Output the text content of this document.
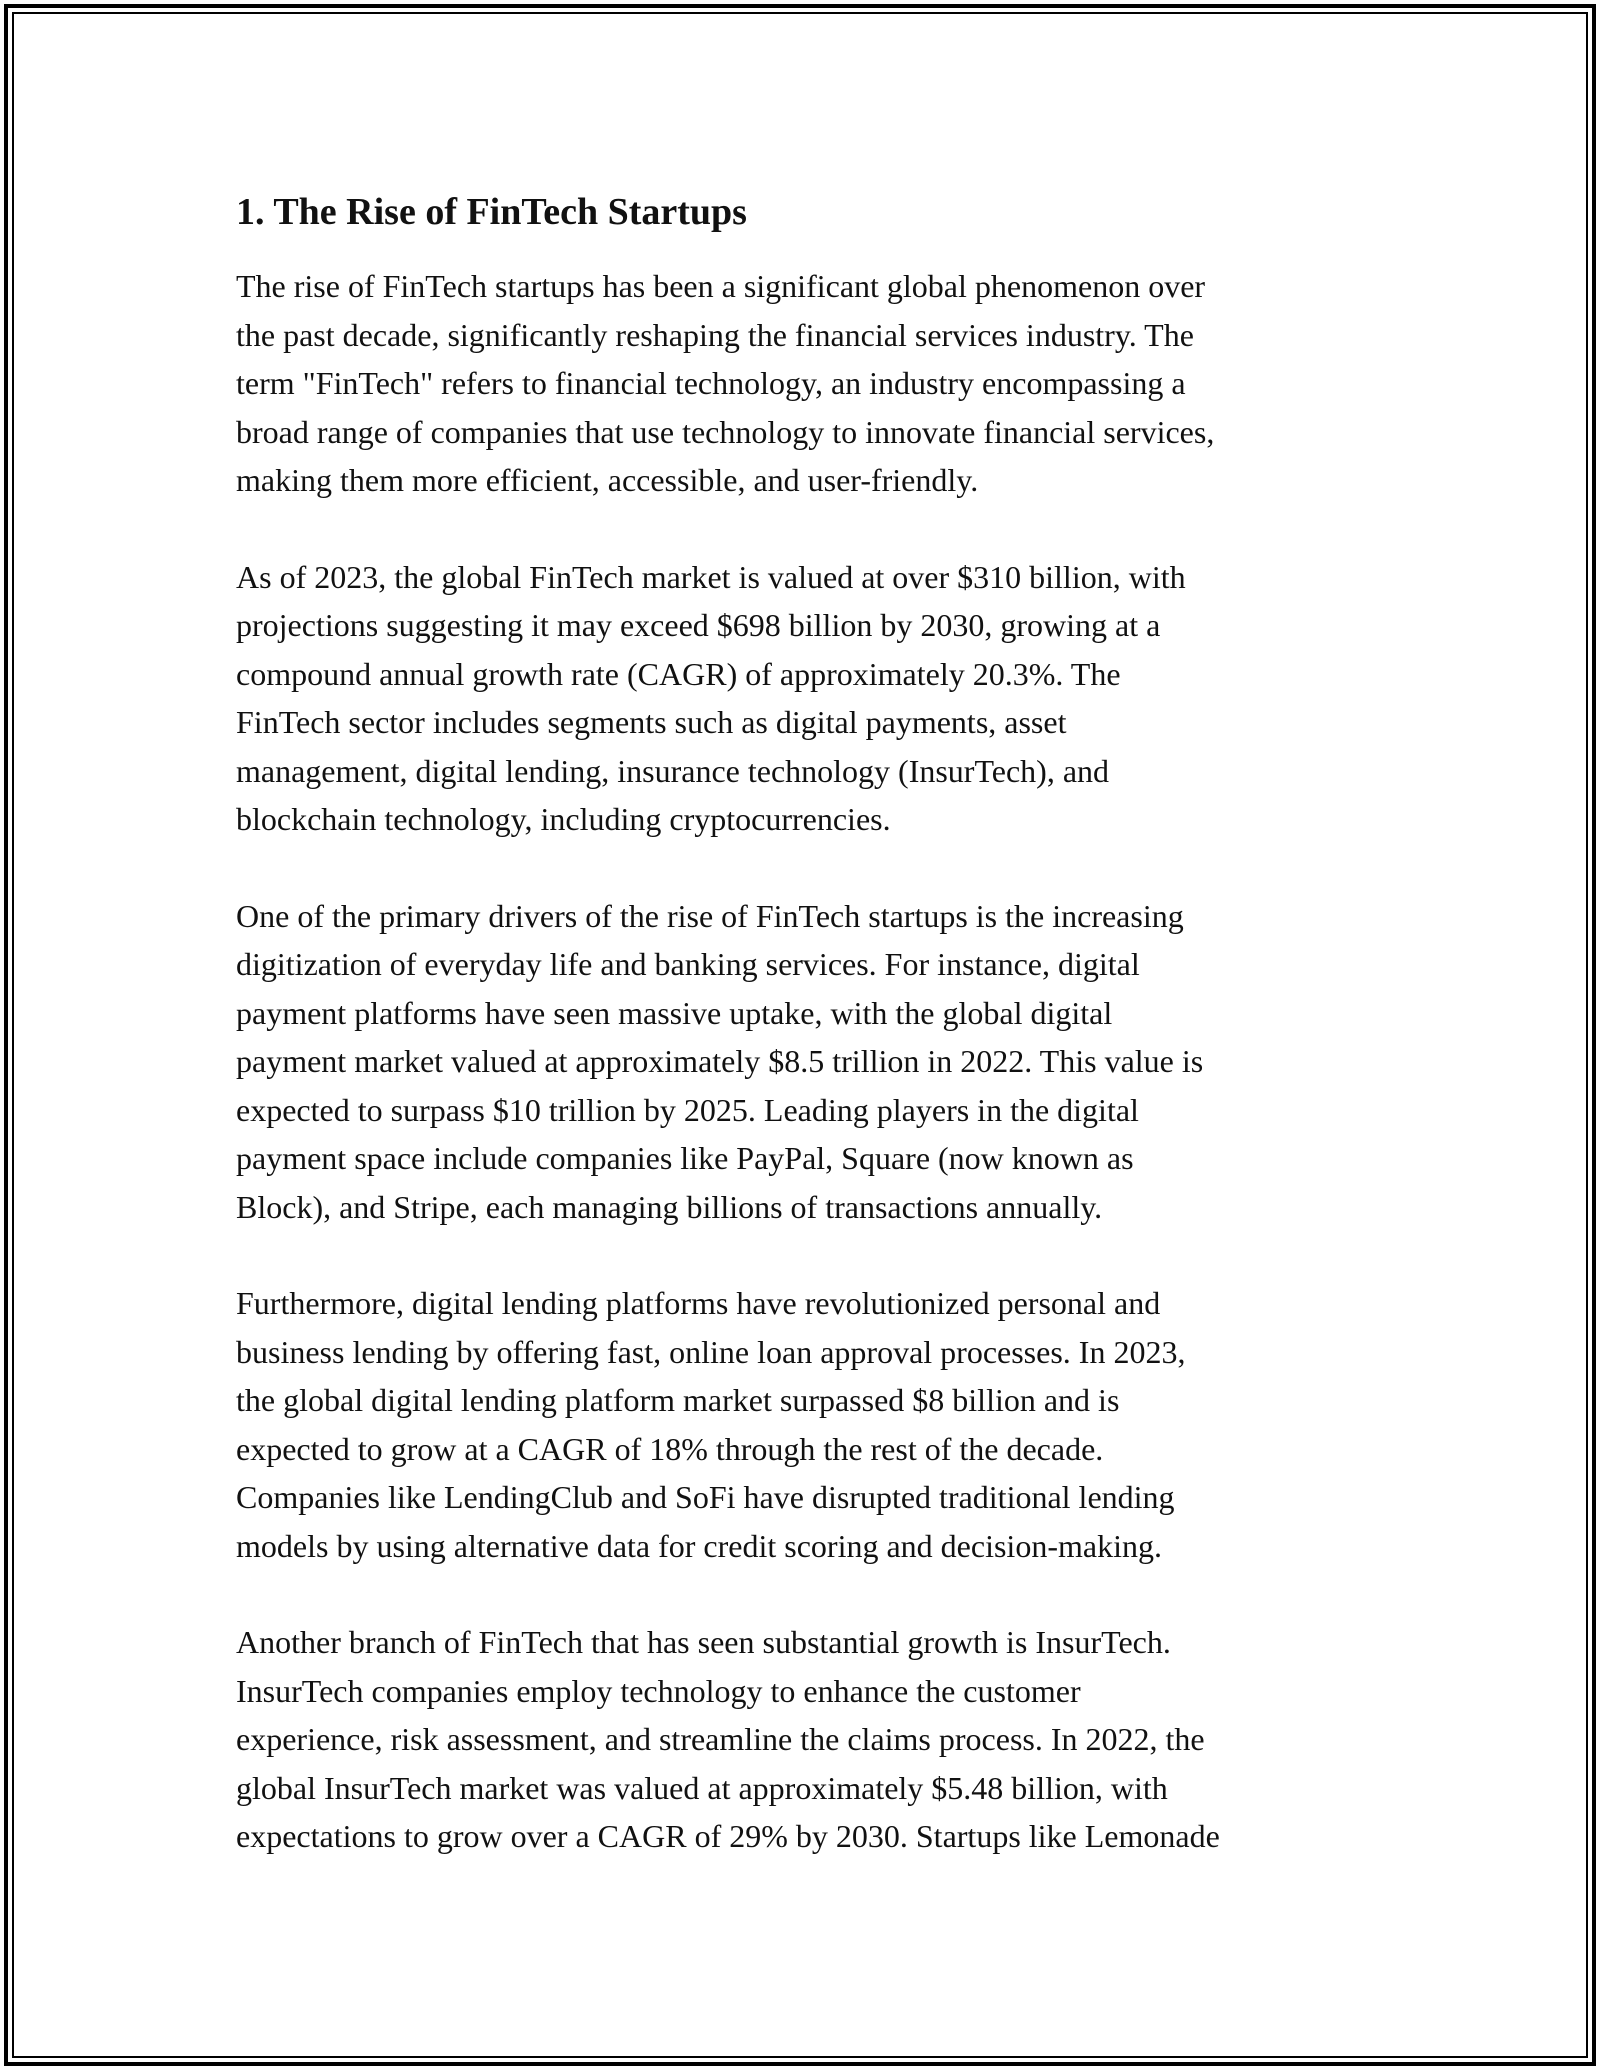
1. The Rise of FinTech Startups

The rise of FinTech startups has been a significant global phenomenon over
the past decade, significantly reshaping the financial services industry. The
term "FinTech" refers to financial technology, an industry encompassing a
broad range of companies that use technology to innovate financial services,
making them more efficient, accessible, and user-friendly.

As of 2023, the global FinTech market is valued at over $310 billion, with
projections suggesting it may exceed $698 billion by 2030, growing at a
compound annual growth rate (CAGR) of approximately 20.3%. The
FinTech sector includes segments such as digital payments, asset
management, digital lending, insurance technology (InsurTech), and
blockchain technology, including cryptocurrencies.

One of the primary drivers of the rise of FinTech startups is the increasing
digitization of everyday life and banking services. For instance, digital
payment platforms have seen massive uptake, with the global digital
payment market valued at approximately $8.5 trillion in 2022. This value is
expected to surpass $10 trillion by 2025. Leading players in the digital
payment space include companies like PayPal, Square (now known as
Block), and Stripe, each managing billions of transactions annually.

Furthermore, digital lending platforms have revolutionized personal and
business lending by offering fast, online loan approval processes. In 2023,
the global digital lending platform market surpassed $8 billion and is
expected to grow at a CAGR of 18% through the rest of the decade.
Companies like LendingClub and SoFi have disrupted traditional lending
models by using alternative data for credit scoring and decision-making.

Another branch of FinTech that has seen substantial growth is InsurTech.
InsurTech companies employ technology to enhance the customer
experience, risk assessment, and streamline the claims process. In 2022, the
global InsurTech market was valued at approximately $5.48 billion, with
expectations to grow over a CAGR of 29% by 2030. Startups like Lemonade
